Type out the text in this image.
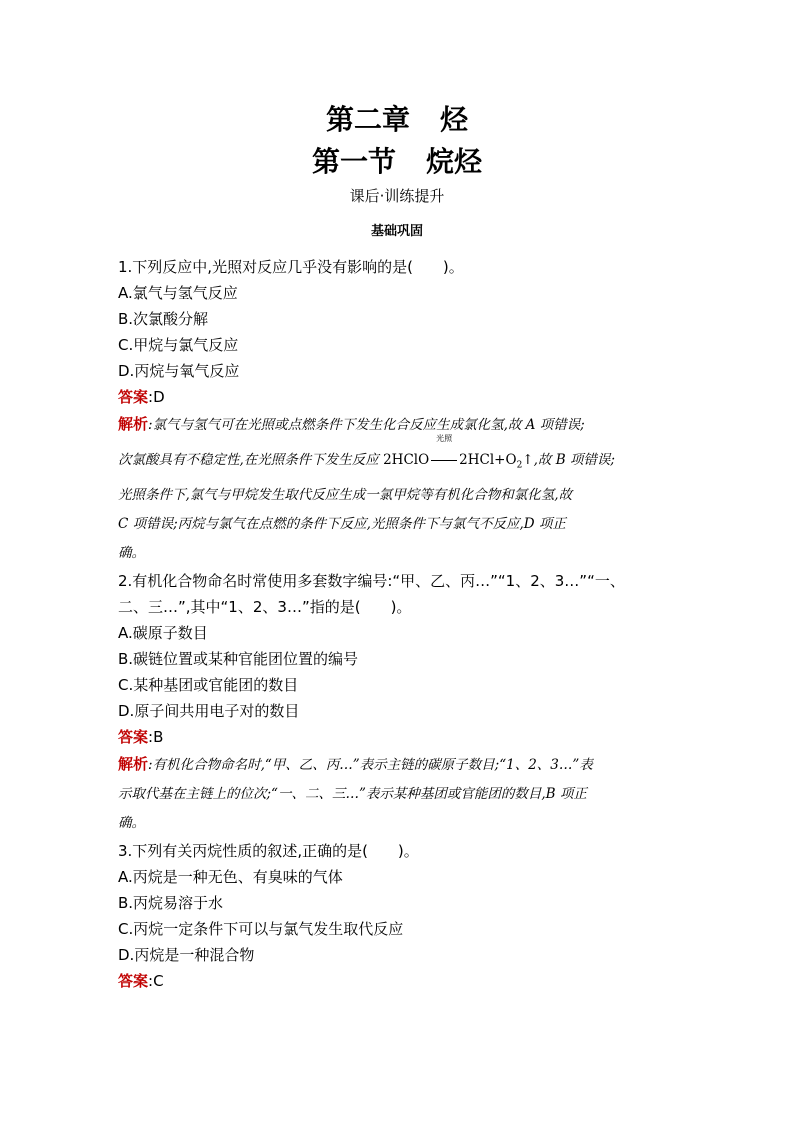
第二章 烃
第一节 烷烃
课后·训练提升
基础巩固
1.下列反应中,光照对反应几乎没有影响的是(　　)。
A.氯气与氢气反应
B.次氯酸分解
C.甲烷与氯气反应
D.丙烷与氧气反应
答案:D
解析:氯气与氢气可在光照或点燃条件下发生化合反应生成氯化氢,故 A 项错误;
次氯酸具有不稳定性,在光照条件下发生反应 2HClO
光照
$2HCl+O_2↑$,故 B 项错误;
光照条件下,氯气与甲烷发生取代反应生成一氯甲烷等有机化合物和氯化氢,故
C 项错误;丙烷与氯气在点燃的条件下反应,光照条件下与氯气不反应,D 项正
确。
2.有机化合物命名时常使用多套数字编号:“甲、乙、丙…”“1、2、3…”“一、
二、三…”,其中“1、2、3…”指的是(　　)。
A.碳原子数目
B.碳链位置或某种官能团位置的编号
C.某种基团或官能团的数目
D.原子间共用电子对的数目
答案:B
解析:有机化合物命名时,“甲、乙、丙…”表示主链的碳原子数目;“1、2、3…”表
示取代基在主链上的位次;“一、二、三…”表示某种基团或官能团的数目,B 项正
确。
3.下列有关丙烷性质的叙述,正确的是(　　)。
A.丙烷是一种无色、有臭味的气体
B.丙烷易溶于水
C.丙烷一定条件下可以与氯气发生取代反应
D.丙烷是一种混合物
答案:C
